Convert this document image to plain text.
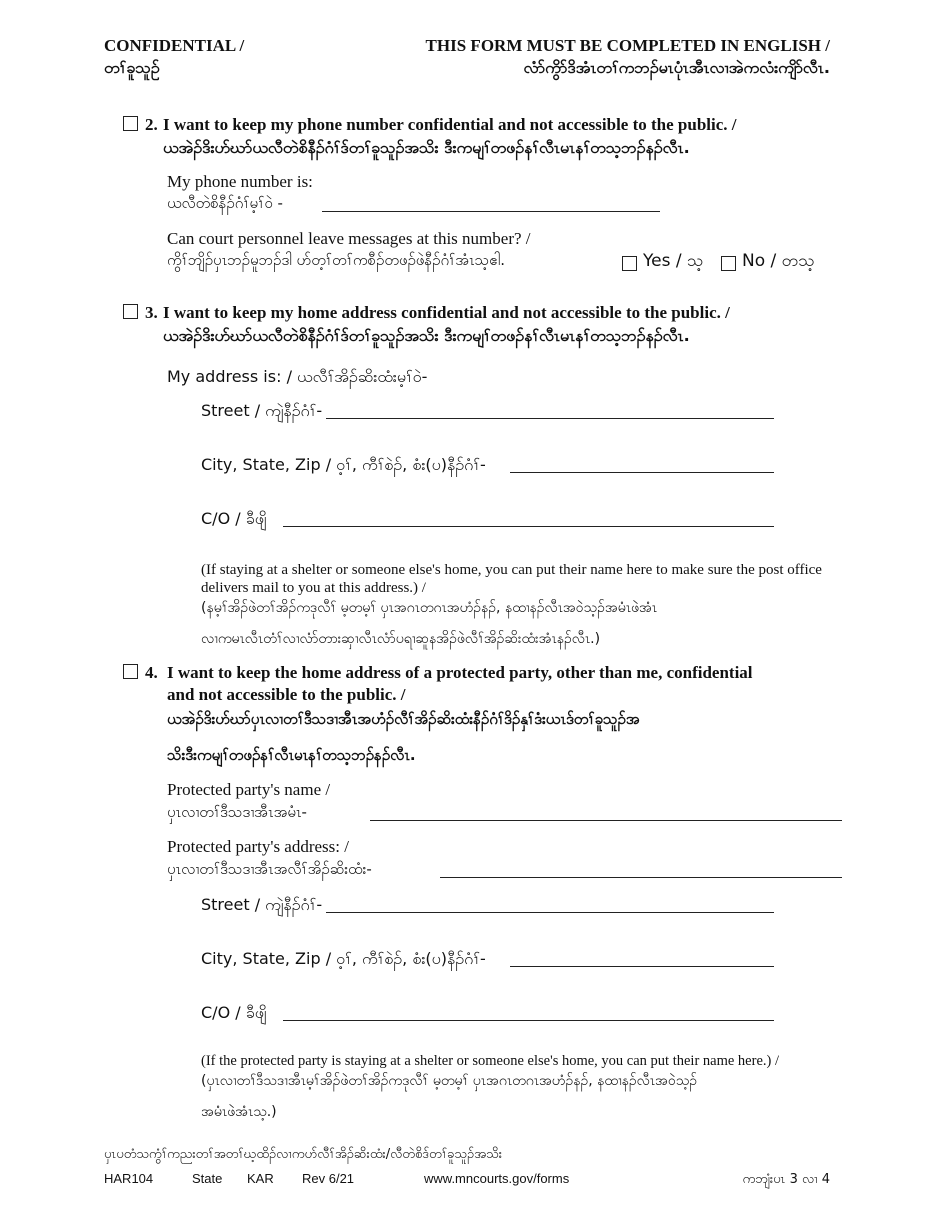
CONFIDENTIAL /
တၢ်ခူသူဉ်
THIS FORM MUST BE COMPLETED IN ENGLISH /
လံာ်ကွိာ်ဒိအံၤတၢ်ကဘၣ်မၤပုံၤအီၤလၢအဲကလံးကျိာ်လီၤ.
2. I want to keep my phone number confidential and not accessible to the public. /
ယအဲၣ်ဒိးဟ်ဃာ်ယလီတဲစိနီၣ်ဂံၢ်ဒ်တၢ်ခူသူၣ်အသိး ဒီးကမျၢ်တဖၣ်နၢ်လီၤမၤနၢ်တသ့ဘၣ်နၣ်လီၤ.
My phone number is:
ယလီတဲစိနီၣ်ဂံၢ်မ့ၢ်ဝဲ -
Can court personnel leave messages at this number? /
ကွိၢ်ဘျိၣ်ပှၤဘၣ်မူဘၣ်ဒါ ဟ်တ့ၢ်တၢ်ကစီၣ်တဖၣ်ဖဲနီၣ်ဂံၢ်အံၤသ့ဧါ.	Yes / သ့ No / တသ့
3. I want to keep my home address confidential and not accessible to the public. /
ယအဲၣ်ဒိးဟ်ဃာ်ယလီတဲစိနီၣ်ဂံၢ်ဒ်တၢ်ခူသူၣ်အသိး ဒီးကမျၢ်တဖၣ်နၢ်လီၤမၤနၢ်တသ့ဘၣ်နၣ်လီၤ.
My address is: / ယလီၢ်အိၣ်ဆိးထံးမ့ၢ်ဝဲ-
Street / ကျဲနီၣ်ဂံၢ်-
City, State, Zip / ဝ့ၢ်, ကီၢ်စဲၣ်, စံး(ပ)နီၣ်ဂံၢ်-
C/O / ခီဖျိ
(If staying at a shelter or someone else's home, you can put their name here to make sure the post office delivers mail to you at this address.) /
(နမ့ၢ်အိၣ်ဖဲတၢ်အိၣ်ကဒုလီၢ် မ့တမ့ၢ် ပှၤအဂၤတဂၤအဟံၣ်နၣ်, နထၢနၣ်လီၤအဝဲသ့ၣ်အမံၤဖဲအံၤ
လၢကမၤလီၤတံၢ်လၢလံာ်တားဆှၢလီၤလံာ်ပရၢဆူနအိၣ်ဖဲလီၢ်အိၣ်ဆိးထံးအံၤနၣ်လီၤ.)
4. I want to keep the home address of a protected party, other than me, confidential
and not accessible to the public. /
ယအဲၣ်ဒိးဟ်ဃာ်ပှၤလၢတၢ်ဒီသဒၢအီၤအဟံၣ်လီၢ်အိၣ်ဆိးထံးနီၣ်ဂံၢ်ဒိၣ်နှၢ်ဒံးယၤဒ်တၢ်ခူသူၣ်အ
သိးဒီးကမျၢ်တဖၣ်နၢ်လီၤမၤနၢ်တသ့ဘၣ်နၣ်လီၤ.
Protected party's name /
ပှၤလၢတၢ်ဒီသဒၢအီၤအမံၤ-
Protected party's address: /
ပှၤလၢတၢ်ဒီသဒၢအီၤအလီၢ်အိၣ်ဆိးထံး-
Street / ကျဲနီၣ်ဂံၢ်-
City, State, Zip / ဝ့ၢ်, ကီၢ်စဲၣ်, စံး(ပ)နီၣ်ဂံၢ်-
C/O / ခီဖျိ
(If the protected party is staying at a shelter or someone else's home, you can put their name here.) /
(ပှၤလၢတၢ်ဒီသဒၢအီၤမ့ၢ်အိၣ်ဖဲတၢ်အိၣ်ကဒုလီၢ် မ့တမ့ၢ် ပှၤအဂၤတဂၤအဟံၣ်နၣ်, နထၢနၣ်လီၤအဝဲသ့ၣ်
အမံၤဖဲအံၤသ့.)
ပှၤပတံသကွံၢ်ကညးတၢ်အတၢ်ဃ့ထိၣ်လၢကဟ်လီၢ်အိၣ်ဆိးထံး/လီတဲစိဒ်တၢ်ခူသူၣ်အသိး
HAR104	State KAR Rev 6/21	www.mncourts.gov/forms	ကဘျံးပၤ 3 လၢ 4
